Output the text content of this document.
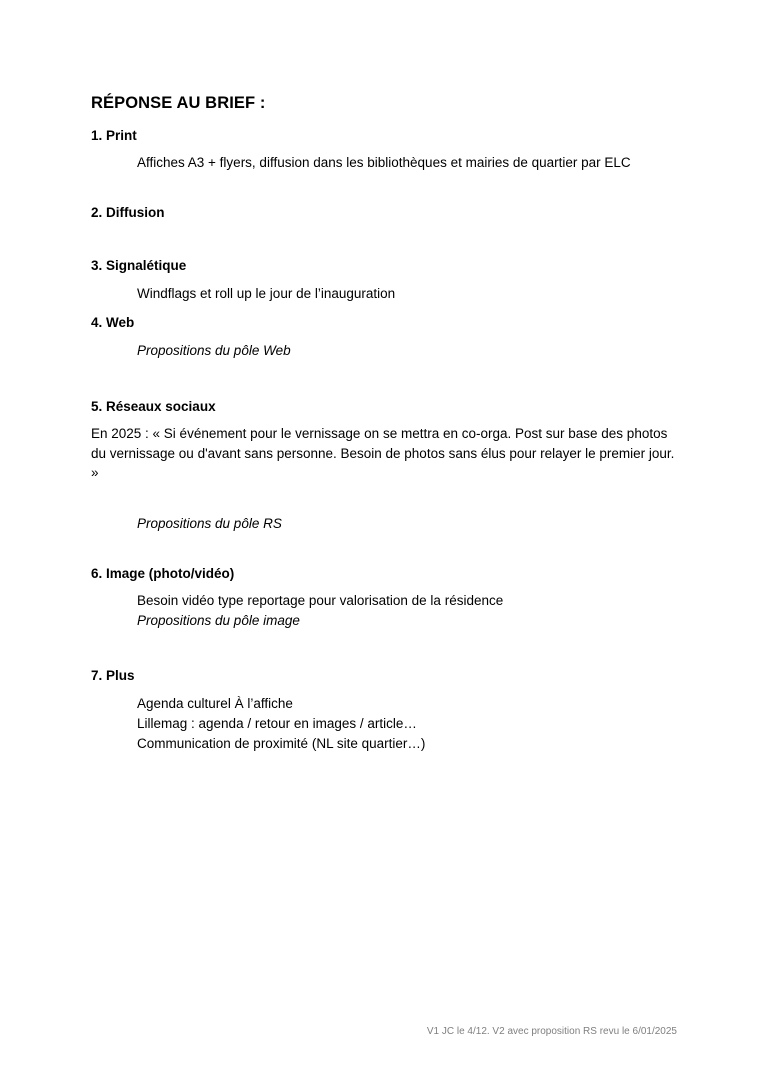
RÉPONSE AU BRIEF :
1. Print
Affiches A3 + flyers, diffusion dans les bibliothèques et mairies de quartier par ELC
2. Diffusion
3. Signalétique
Windflags et roll up le jour de l’inauguration
4. Web
Propositions du pôle Web
5. Réseaux sociaux
En 2025 : « Si événement pour le vernissage on se mettra en co-orga. Post sur base des photos du vernissage ou d'avant sans personne. Besoin de photos sans élus pour relayer le premier jour. »
Propositions du pôle RS
6. Image (photo/vidéo)
Besoin vidéo type reportage pour valorisation de la résidence
Propositions du pôle image
7. Plus
Agenda culturel À l’affiche
Lillemag : agenda / retour en images / article…
Communication de proximité (NL site quartier…)
V1 JC le 4/12. V2 avec proposition RS revu le 6/01/2025
